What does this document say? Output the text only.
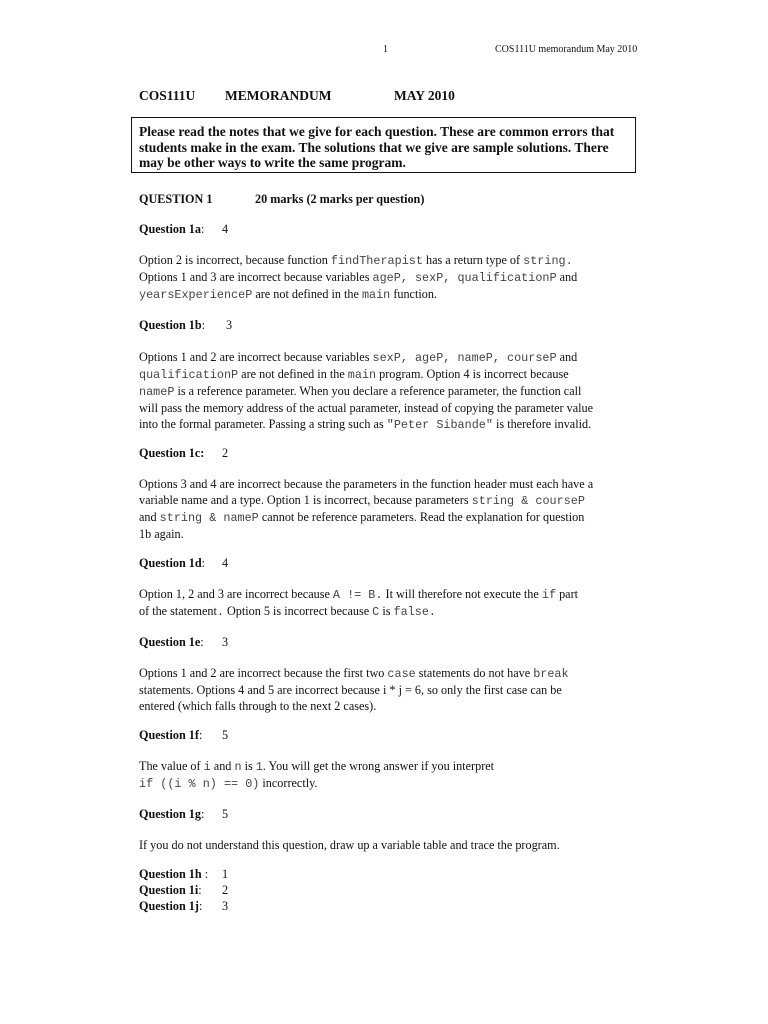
1	COS111U memorandum May 2010
COS111U MEMORANDUM	MAY 2010
Please read the notes that we give for each question. These are common errors that students make in the exam. The solutions that we give are sample solutions. There may be other ways to write the same program.
QUESTION 1	20 marks (2 marks per question)
Question 1a: 4

Option 2 is incorrect, because function findTherapist has a return type of string.

Options 1 and 3 are incorrect because variables ageP, sexP, qualificationP and

yearsExperienceP are not defined in the main function.

Question 1b: 3

Options 1 and 2 are incorrect because variables sexP, ageP, nameP, courseP and

qualificationP are not defined in the main program. Option 4 is incorrect because

nameP is a reference parameter. When you declare a reference parameter, the function call

will pass the memory address of the actual parameter, instead of copying the parameter value

into the formal parameter. Passing a string such as "Peter Sibande" is therefore invalid.

Question 1c: 2

Options 3 and 4 are incorrect because the parameters in the function header must each have a

variable name and a type. Option 1 is incorrect, because parameters string & courseP

and string & nameP cannot be reference parameters. Read the explanation for question

1b again.

Question 1d: 4

Option 1, 2 and 3 are incorrect because A != B. It will therefore not execute the if part

of the statement. Option 5 is incorrect because C is false.

Question 1e: 3

Options 1 and 2 are incorrect because the first two case statements do not have break

statements. Options 4 and 5 are incorrect because i * j = 6, so only the first case can be

entered (which falls through to the next 2 cases).

Question 1f: 5

The value of i and n is 1. You will get the wrong answer if you interpret

if ((i % n) == 0) incorrectly.

Question 1g: 5

If you do not understand this question, draw up a variable table and trace the program.

Question 1h : 1
Question 1i: 2
Question 1j: 3
